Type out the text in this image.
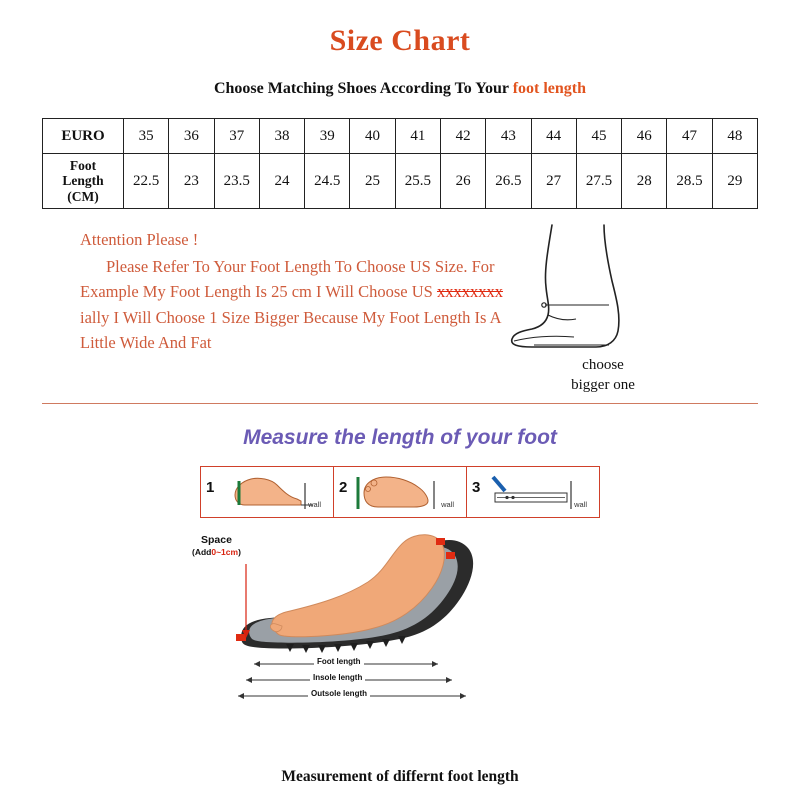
Size Chart
Choose Matching Shoes According To Your foot length
EURO	35	36	37	38	39	40	41	42	43	44	45	46	47	48

Foot
Length
(CM)	22.5	23	23.5	24	24.5	25	25.5	26	26.5	27	27.5	28	28.5	29
Attention Please !
Please Refer To Your Foot Length To Choose US Size. For Example My Foot Length Is 25 cm I Will Choose US xxxxxxxx ially I Will Choose 1 Size Bigger Because My Foot Length Is A Little Wide And Fat
choose
bigger one
Measure the length of your foot
1
wall
2
wall
3
wall
Space
(Add0~1cm)
Foot length
Insole length
Outsole length
Measurement of differnt foot length
